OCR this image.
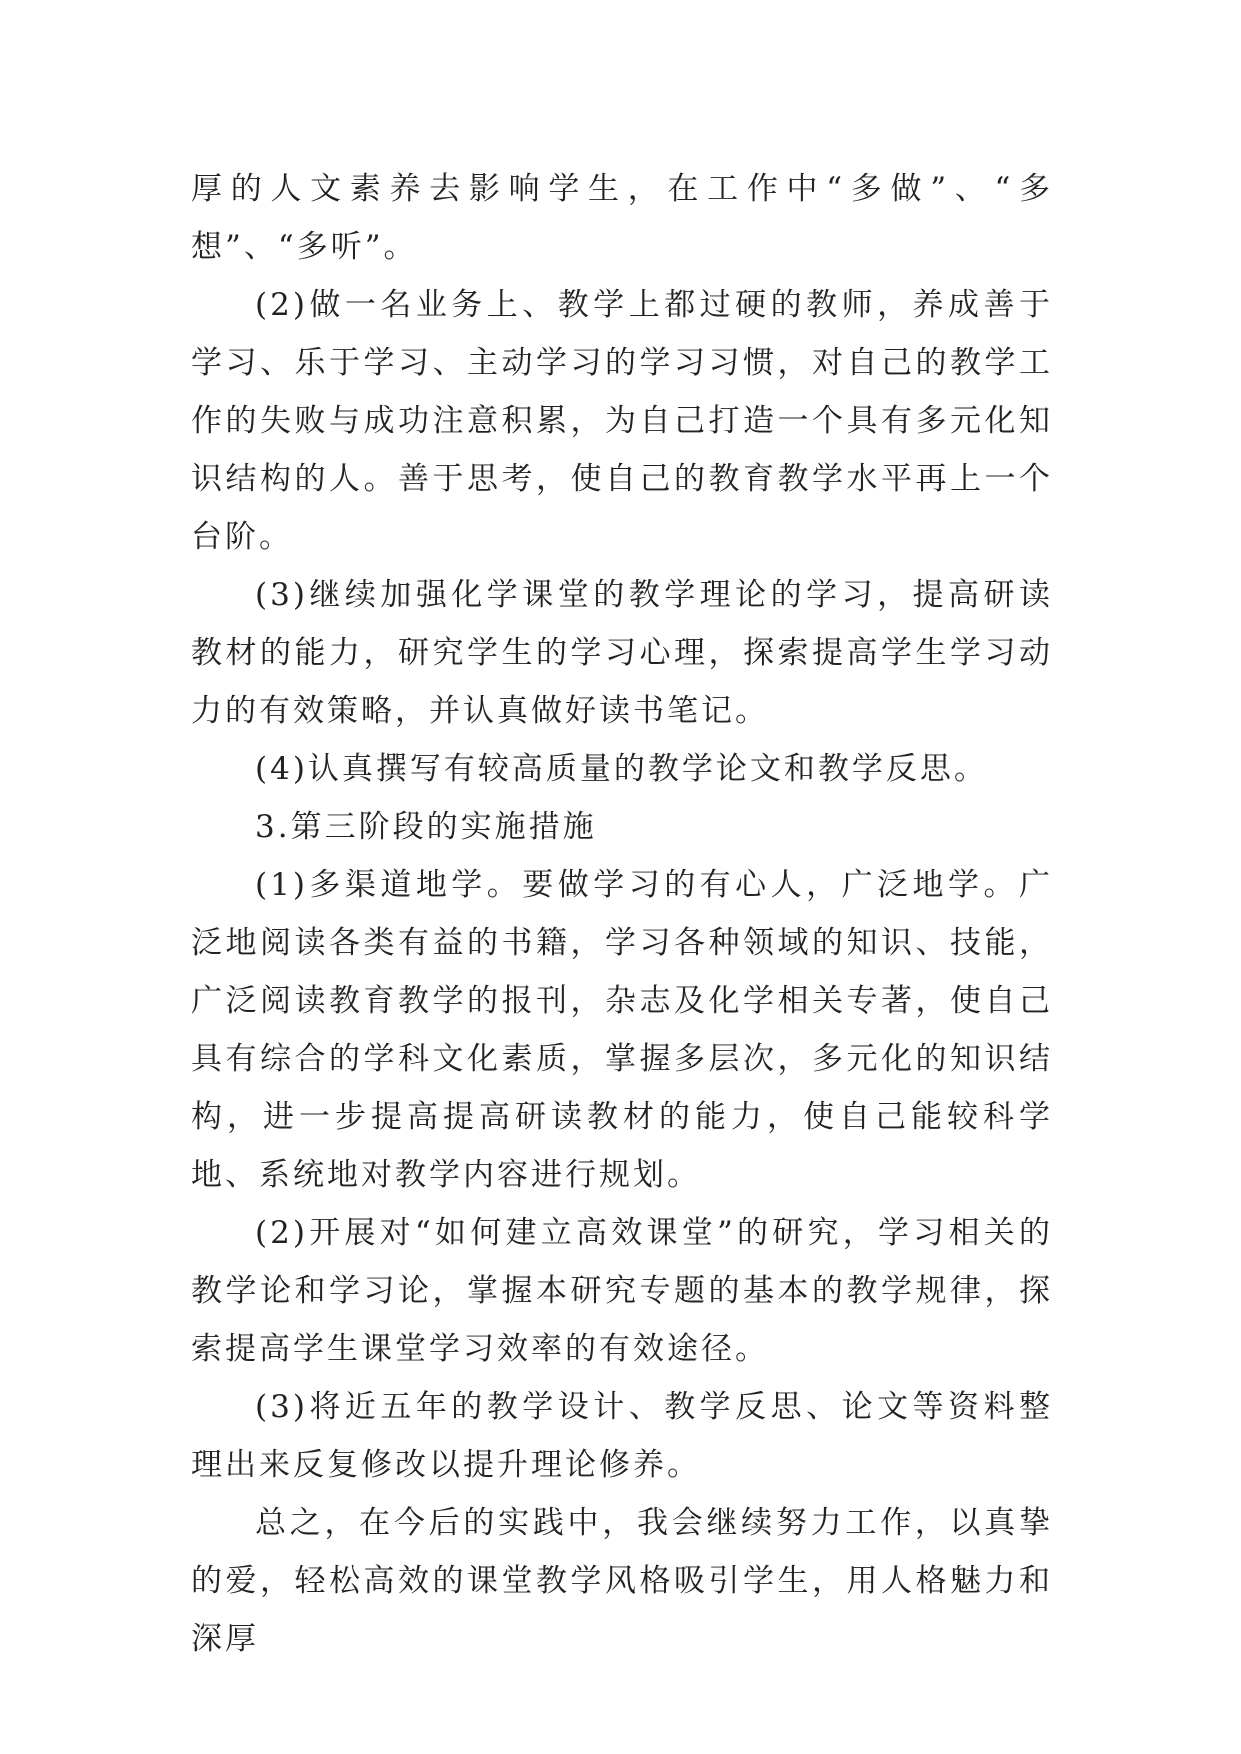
厚的人文素养去影响学生，在工作中“多做”、“多想”、“多听”。

(2)做一名业务上、教学上都过硬的教师，养成善于学习、乐于学习、主动学习的学习习惯，对自己的教学工作的失败与成功注意积累，为自己打造一个具有多元化知识结构的人。善于思考，使自己的教育教学水平再上一个台阶。

(3)继续加强化学课堂的教学理论的学习，提高研读教材的能力，研究学生的学习心理，探索提高学生学习动力的有效策略，并认真做好读书笔记。

(4)认真撰写有较高质量的教学论文和教学反思。

3.第三阶段的实施措施

(1)多渠道地学。要做学习的有心人，广泛地学。广泛地阅读各类有益的书籍，学习各种领域的知识、技能，广泛阅读教育教学的报刊，杂志及化学相关专著，使自己具有综合的学科文化素质，掌握多层次，多元化的知识结构，进一步提高提高研读教材的能力，使自己能较科学地、系统地对教学内容进行规划。

(2)开展对“如何建立高效课堂”的研究，学习相关的教学论和学习论，掌握本研究专题的基本的教学规律，探索提高学生课堂学习效率的有效途径。

(3)将近五年的教学设计、教学反思、论文等资料整理出来反复修改以提升理论修养。

总之，在今后的实践中，我会继续努力工作，以真挚的爱，轻松高效的课堂教学风格吸引学生，用人格魅力和深厚
